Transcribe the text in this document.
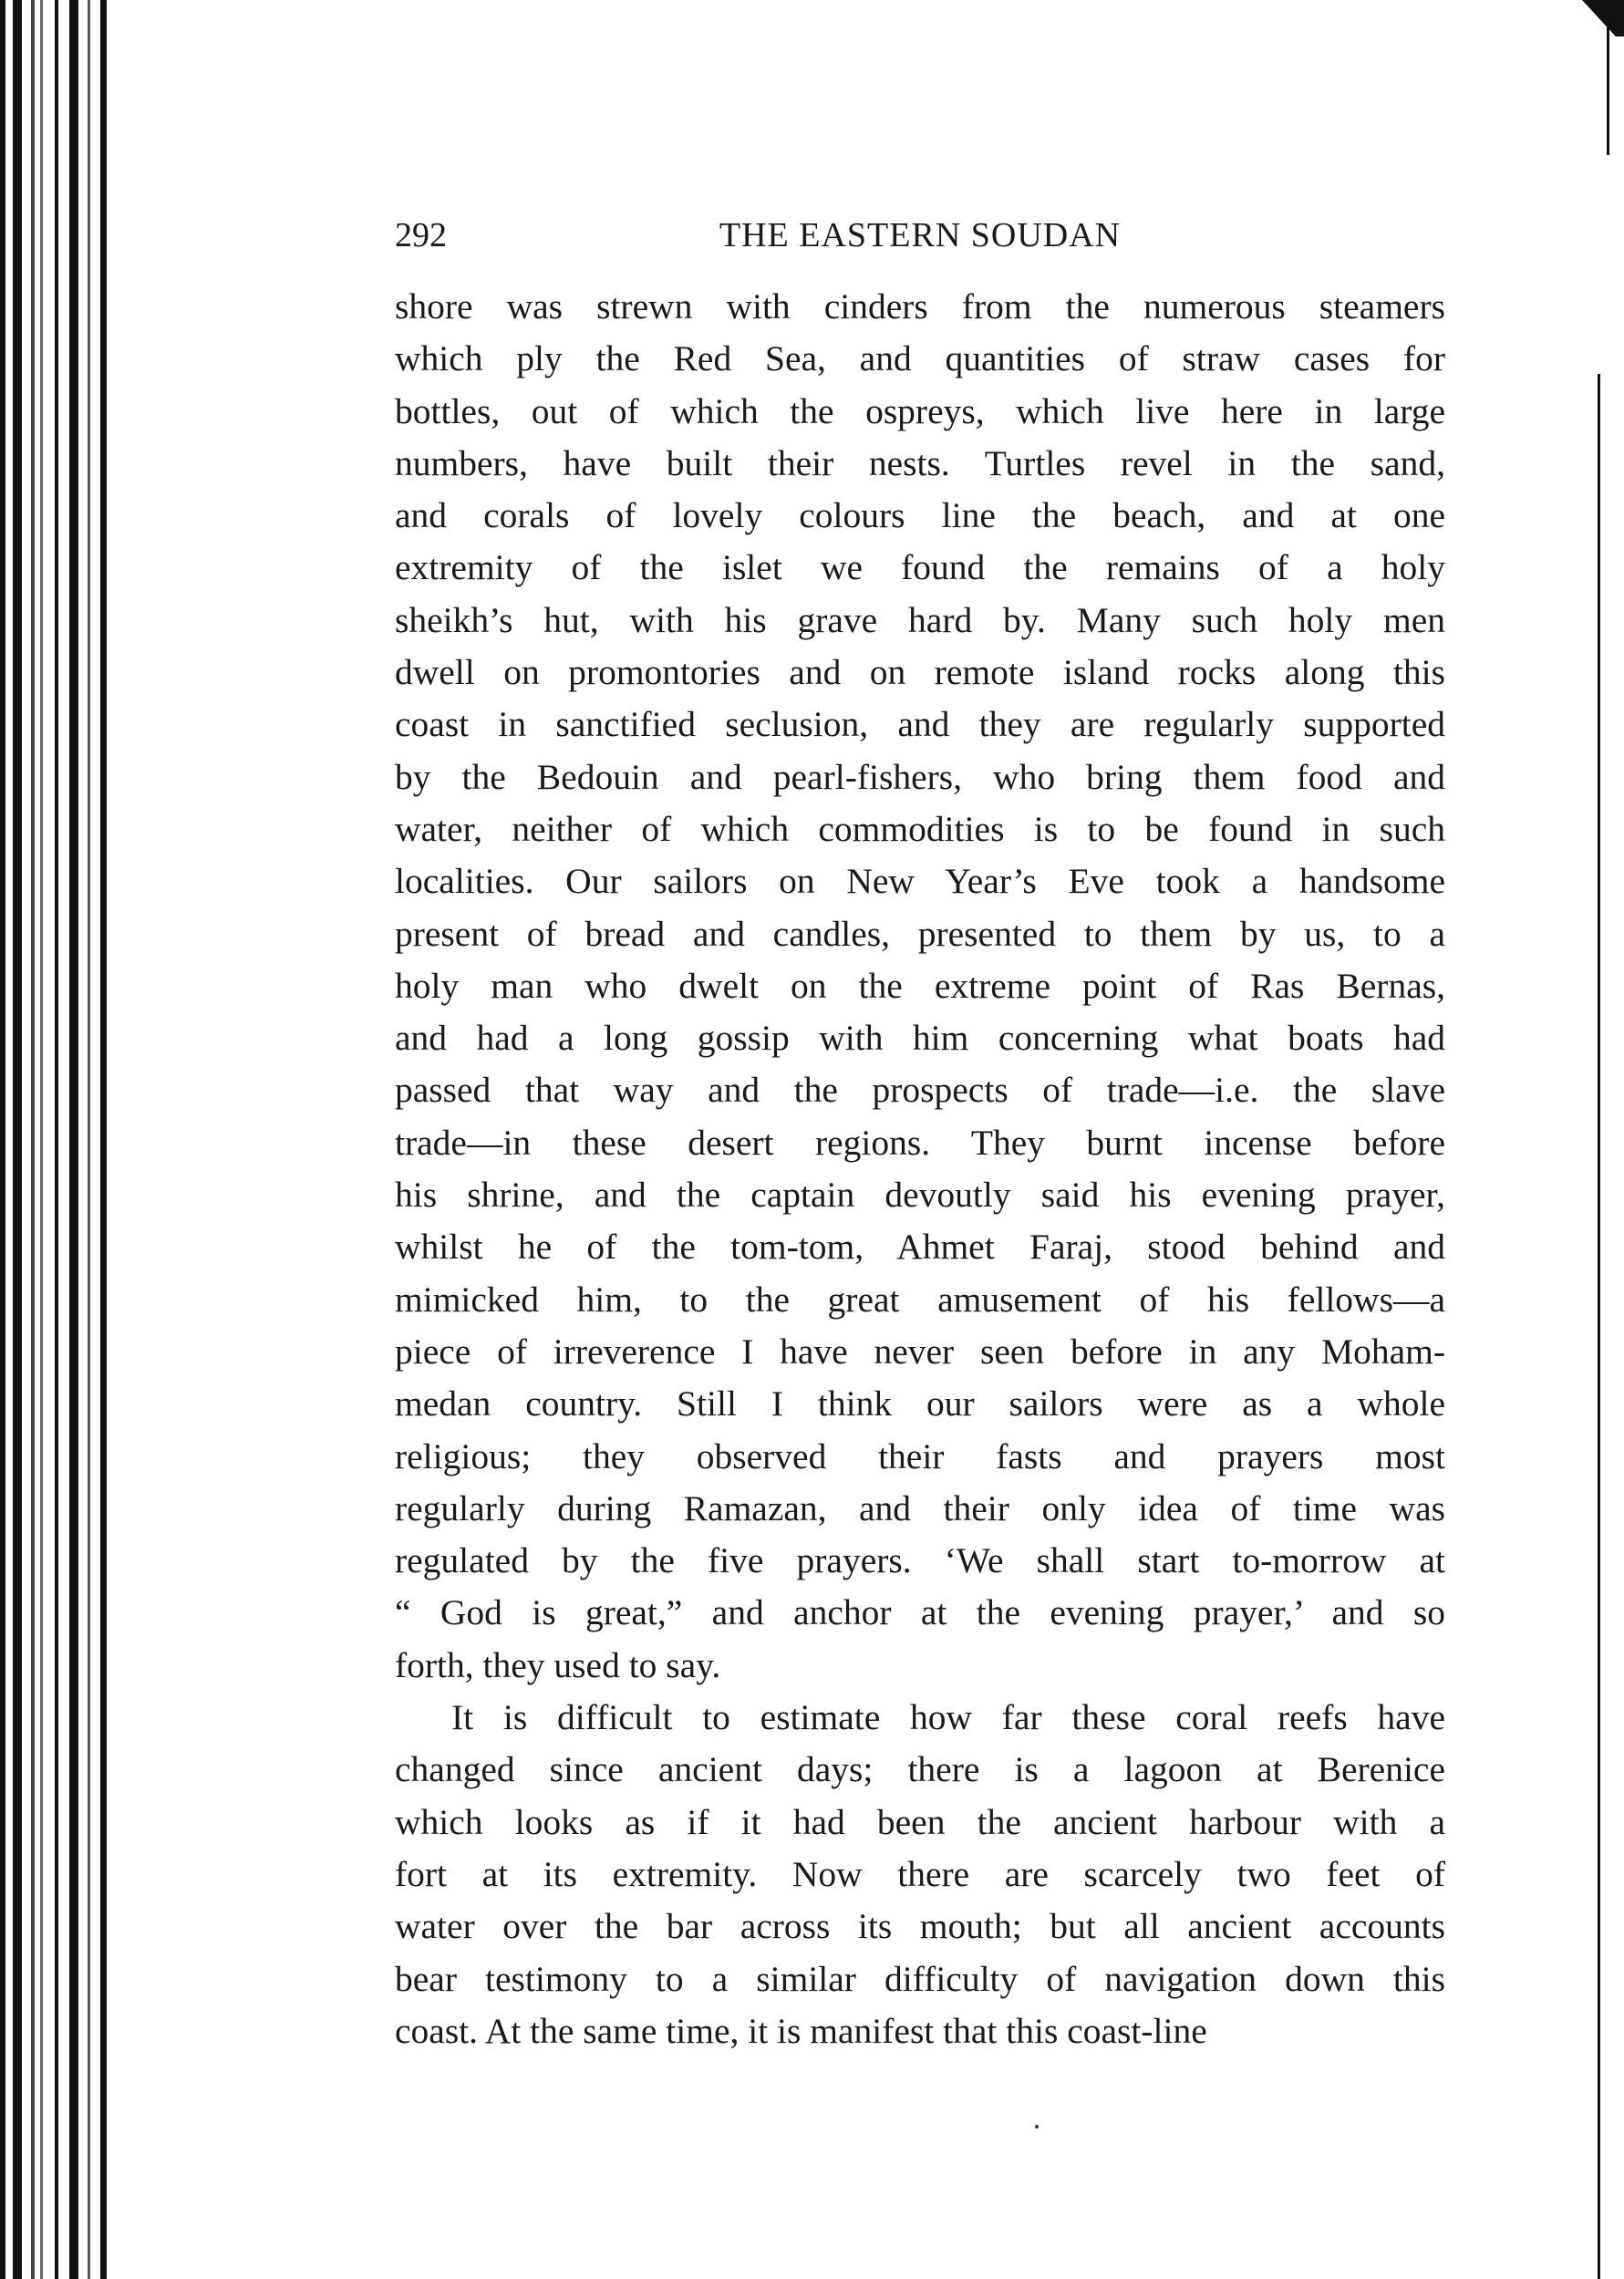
292	THE EASTERN SOUDAN
shore was strewn with cinders from the numerous steamers
which ply the Red Sea, and quantities of straw cases for
bottles, out of which the ospreys, which live here in large
numbers, have built their nests. Turtles revel in the sand,
and corals of lovely colours line the beach, and at one
extremity of the islet we found the remains of a holy
sheikh’s hut, with his grave hard by. Many such holy men
dwell on promontories and on remote island rocks along this
coast in sanctified seclusion, and they are regularly supported
by the Bedouin and pearl-fishers, who bring them food and
water, neither of which commodities is to be found in such
localities. Our sailors on New Year’s Eve took a handsome
present of bread and candles, presented to them by us, to a
holy man who dwelt on the extreme point of Ras Bernas,
and had a long gossip with him concerning what boats had
passed that way and the prospects of trade—i.e. the slave
trade—in these desert regions. They burnt incense before
his shrine, and the captain devoutly said his evening prayer,
whilst he of the tom-tom, Ahmet Faraj, stood behind and
mimicked him, to the great amusement of his fellows—a
piece of irreverence I have never seen before in any Moham-
medan country. Still I think our sailors were as a whole
religious; they observed their fasts and prayers most
regularly during Ramazan, and their only idea of time was
regulated by the five prayers. ‘We shall start to-morrow at
“ God is great,” and anchor at the evening prayer,’ and so
forth, they used to say.
It is difficult to estimate how far these coral reefs have
changed since ancient days; there is a lagoon at Berenice
which looks as if it had been the ancient harbour with a
fort at its extremity. Now there are scarcely two feet of
water over the bar across its mouth; but all ancient accounts
bear testimony to a similar difficulty of navigation down this
coast. At the same time, it is manifest that this coast-line
